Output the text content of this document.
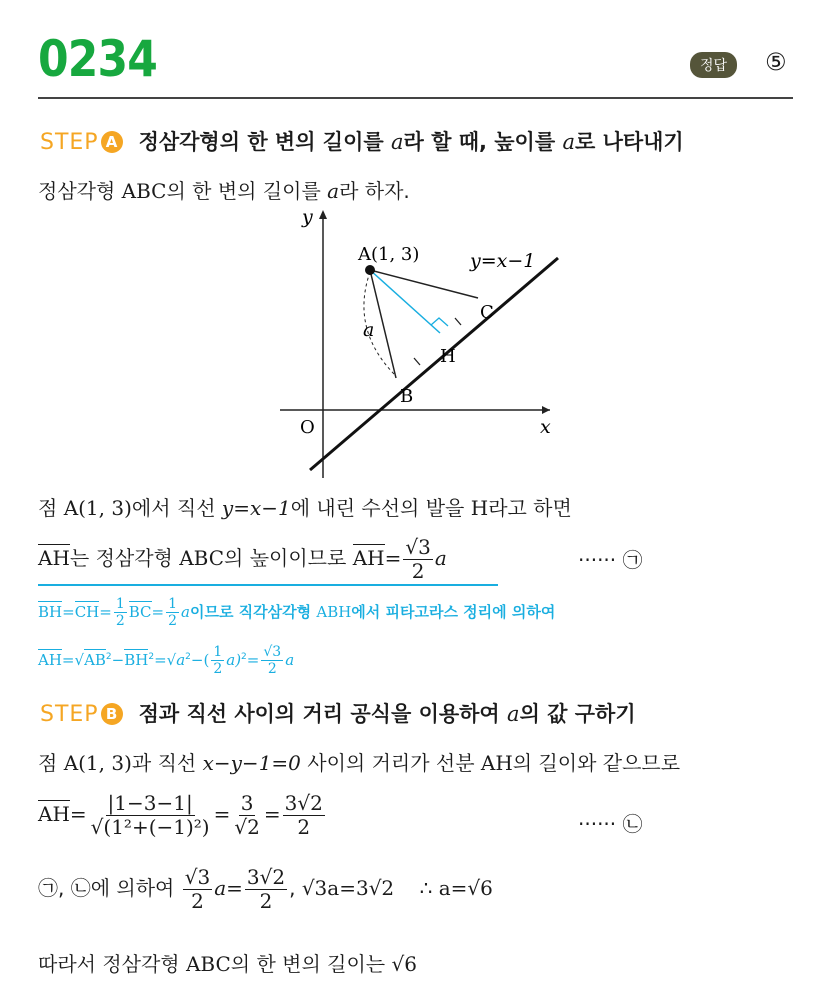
0234	정답	⑤
STEP A 정삼각형의 한 변의 길이를 a라 할 때, 높이를 a로 나타내기
정삼각형 ABC의 한 변의 길이를 a라 하자.
y
x
O
A(1, 3)	y=x−1
C
H
B
a
점 A(1, 3)에서 직선 y=x−1에 내린 수선의 발을 H라고 하면
AH는 정삼각형 ABC의 높이이므로 $AH= \frac{√3}{2}$ a	······ ㉠
$BH=CH= \frac{1}{2} BC= \frac{1}{2}$ a이므로 직각삼각형 ABH에서 피타고라스 정리에 의하여
$AH=√AB^2-BH^2=√a^2-( \frac{1}{2} a)^2= \frac{√3}{2}$ a
STEP B 점과 직선 사이의 거리 공식을 이용하여 a의 값 구하기
점 A(1, 3)과 직선 x−y−1=0 사이의 거리가 선분 AH의 길이와 같으므로
$AH= \frac{|1-3-1|}{\text{√(1²+(−1)²)}} = \frac{3}{√2} = \frac{3√2}{2}$	······ ㉡
㉠, ㉡에 의하여 $\frac{√3}{2} a= \frac{3√2}{2}$ , √3a=3√2 ∴ a=√6
따라서 정삼각형 ABC의 한 변의 길이는 √6
